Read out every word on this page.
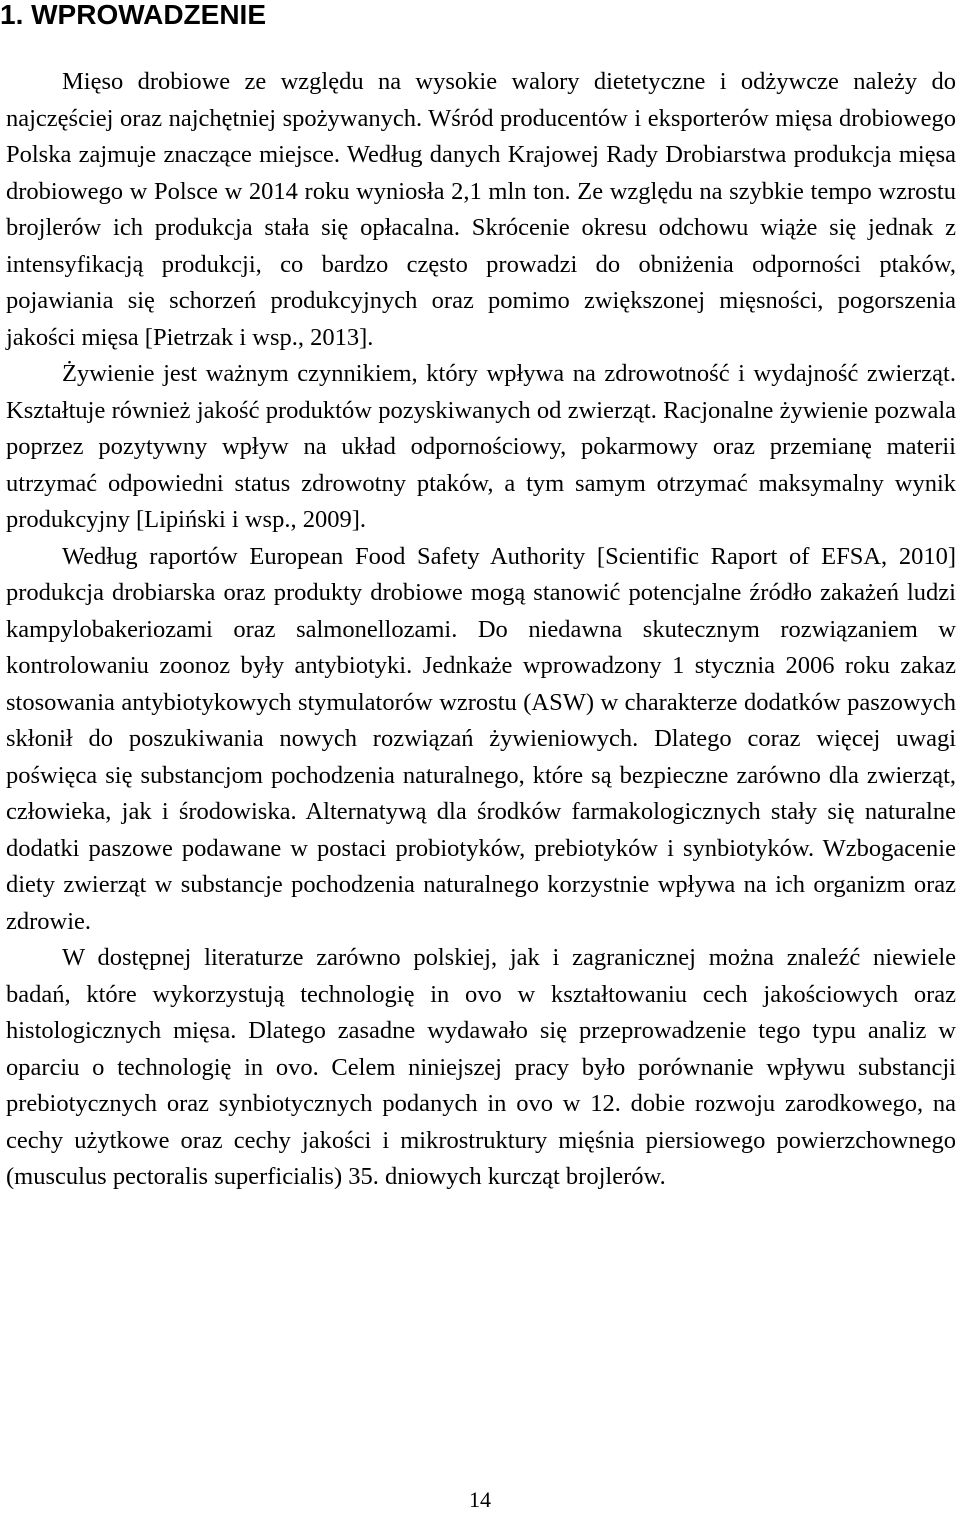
1. WPROWADZENIE

Mięso drobiowe ze względu na wysokie walory dietetyczne i odżywcze należy do najczęściej oraz najchętniej spożywanych. Wśród producentów i eksporterów mięsa drobiowego Polska zajmuje znaczące miejsce. Według danych Krajowej Rady Drobiarstwa produkcja mięsa drobiowego w Polsce w 2014 roku wyniosła 2,1 mln ton. Ze względu na szybkie tempo wzrostu brojlerów ich produkcja stała się opłacalna. Skrócenie okresu odchowu wiąże się jednak z intensyfikacją produkcji, co bardzo często prowadzi do obniżenia odporności ptaków, pojawiania się schorzeń produkcyjnych oraz pomimo zwiększonej mięsności, pogorszenia jakości mięsa [Pietrzak i wsp., 2013].

Żywienie jest ważnym czynnikiem, który wpływa na zdrowotność i wydajność zwierząt. Kształtuje również jakość produktów pozyskiwanych od zwierząt. Racjonalne żywienie pozwala poprzez pozytywny wpływ na układ odpornościowy, pokarmowy oraz przemianę materii utrzymać odpowiedni status zdrowotny ptaków, a tym samym otrzymać maksymalny wynik produkcyjny [Lipiński i wsp., 2009].

Według raportów European Food Safety Authority [Scientific Raport of EFSA, 2010] produkcja drobiarska oraz produkty drobiowe mogą stanowić potencjalne źródło zakażeń ludzi kampylobakeriozami oraz salmonellozami. Do niedawna skutecznym rozwiązaniem w kontrolowaniu zoonoz były antybiotyki. Jednkaże wprowadzony 1 stycznia 2006 roku zakaz stosowania antybiotykowych stymulatorów wzrostu (ASW) w charakterze dodatków paszowych skłonił do poszukiwania nowych rozwiązań żywieniowych. Dlatego coraz więcej uwagi poświęca się substancjom pochodzenia naturalnego, które są bezpieczne zarówno dla zwierząt, człowieka, jak i środowiska. Alternatywą dla środków farmakologicznych stały się naturalne dodatki paszowe podawane w postaci probiotyków, prebiotyków i synbiotyków. Wzbogacenie diety zwierząt w substancje pochodzenia naturalnego korzystnie wpływa na ich organizm oraz zdrowie.

W dostępnej literaturze zarówno polskiej, jak i zagranicznej można znaleźć niewiele badań, które wykorzystują technologię in ovo w kształtowaniu cech jakościowych oraz histologicznych mięsa. Dlatego zasadne wydawało się przeprowadzenie tego typu analiz w oparciu o technologię in ovo. Celem niniejszej pracy było porównanie wpływu substancji prebiotycznych oraz synbiotycznych podanych in ovo w 12. dobie rozwoju zarodkowego, na cechy użytkowe oraz cechy jakości i mikrostruktury mięśnia piersiowego powierzchownego (musculus pectoralis superficialis) 35. dniowych kurcząt brojlerów.

14
